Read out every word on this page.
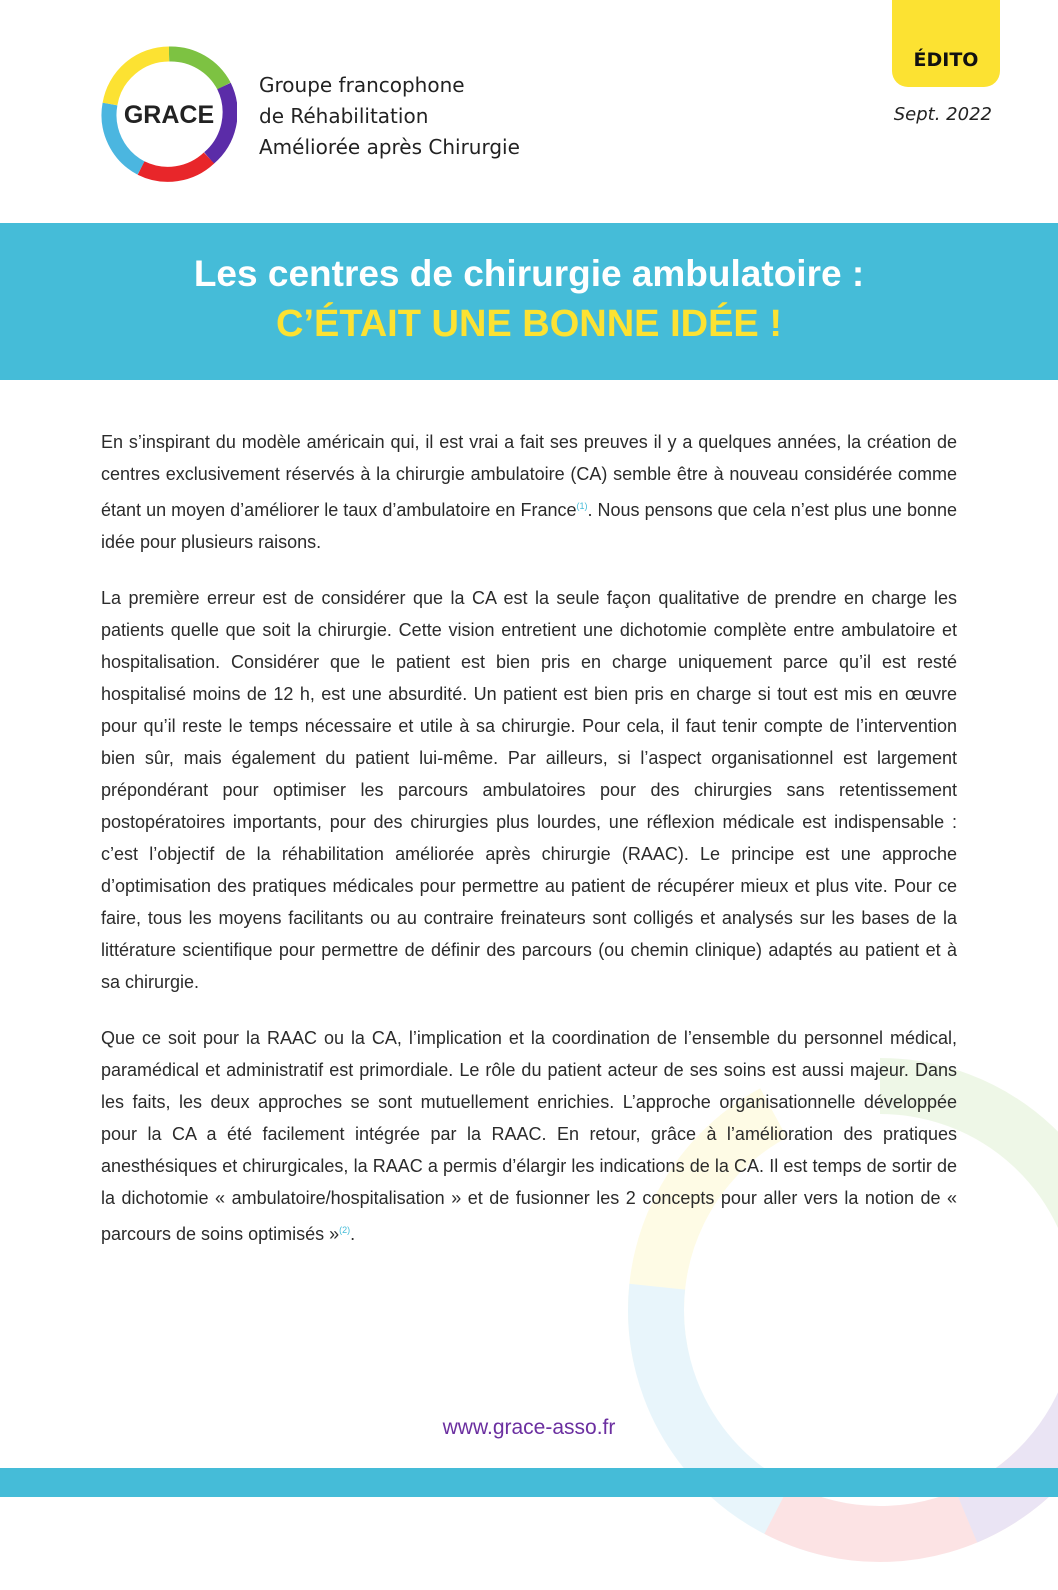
GRACE
Groupe francophone
de Réhabilitation
Améliorée après Chirurgie
ÉDITO
Sept. 2022
Les centres de chirurgie ambulatoire :
C’ÉTAIT UNE BONNE IDÉE !

En s’inspirant du modèle américain qui, il est vrai a fait ses preuves il y a quelques années, la création de centres exclusivement réservés à la chirurgie ambulatoire (CA) semble être à nouveau considérée comme étant un moyen d’améliorer le taux d’ambulatoire en France$^{(1)}$. Nous pensons que cela n’est plus une bonne idée pour plusieurs raisons.

La première erreur est de considérer que la CA est la seule façon qualitative de prendre en charge les patients quelle que soit la chirurgie. Cette vision entretient une dichotomie complète entre ambulatoire et hospitalisation. Considérer que le patient est bien pris en charge uniquement parce qu’il est resté hospitalisé moins de 12 h, est une absurdité. Un patient est bien pris en charge si tout est mis en œuvre pour qu’il reste le temps nécessaire et utile à sa chirurgie. Pour cela, il faut tenir compte de l’intervention bien sûr, mais également du patient lui-même. Par ailleurs, si l’aspect organisationnel est largement prépondérant pour optimiser les parcours ambulatoires pour des chirurgies sans retentissement postopératoires importants, pour des chirurgies plus lourdes, une réflexion médicale est indispensable : c’est l’objectif de la réhabilitation améliorée après chirurgie (RAAC). Le principe est une approche d’optimisation des pratiques médicales pour permettre au patient de récupérer mieux et plus vite. Pour ce faire, tous les moyens facilitants ou au contraire freinateurs sont colligés et analysés sur les bases de la littérature scientifique pour permettre de définir des parcours (ou chemin clinique) adaptés au patient et à sa chirurgie.

Que ce soit pour la RAAC ou la CA, l’implication et la coordination de l’ensemble du personnel médical, paramédical et administratif est primordiale. Le rôle du patient acteur de ses soins est aussi majeur. Dans les faits, les deux approches se sont mutuellement enrichies. L’approche organisationnelle développée pour la CA a été facilement intégrée par la RAAC. En retour, grâce à l’amélioration des pratiques anesthésiques et chirurgicales, la RAAC a permis d’élargir les indications de la CA. Il est temps de sortir de la dichotomie « ambulatoire/hospitalisation » et de fusionner les 2 concepts pour aller vers la notion de « parcours de soins optimisés »$^{(2)}$.

www.grace-asso.fr
